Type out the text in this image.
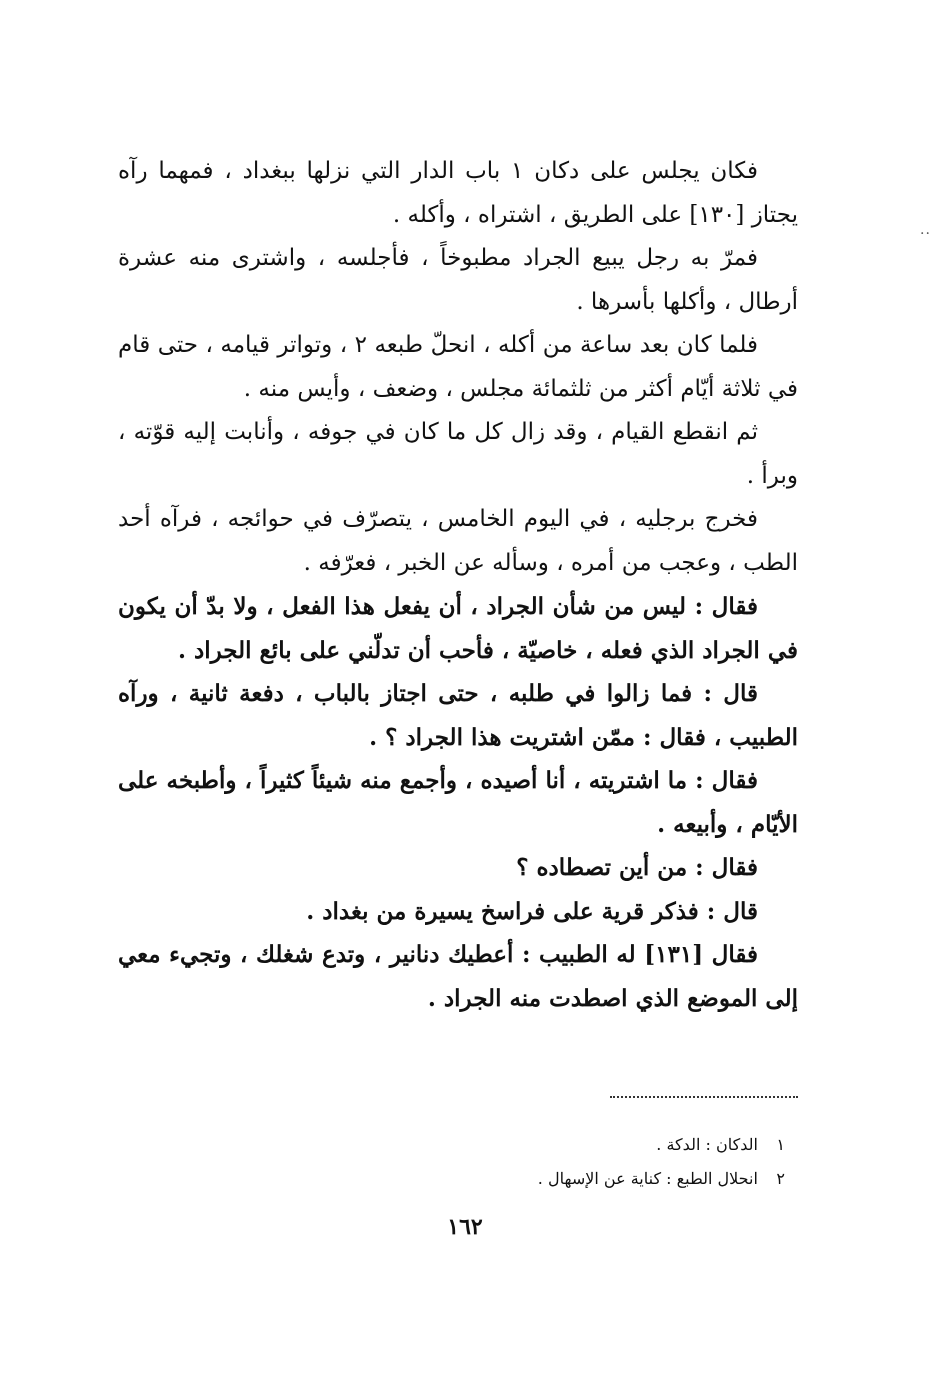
..

فكان يجلس على دكان ١ باب الدار التي نزلها ببغداد ، فمهما رآه يجتاز [١٣٠] على الطريق ، اشتراه ، وأكله .

فمرّ به رجل يبيع الجراد مطبوخاً ، فأجلسه ، واشترى منه عشرة أرطال ، وأكلها بأسرها .

فلما كان بعد ساعة من أكله ، انحلّ طبعه ٢ ، وتواتر قيامه ، حتى قام في ثلاثة أيّام أكثر من ثلثمائة مجلس ، وضعف ، وأيس منه .

ثم انقطع القيام ، وقد زال كل ما كان في جوفه ، وأنابت إليه قوّته ، وبرأ .

فخرج برجليه ، في اليوم الخامس ، يتصرّف في حوائجه ، فرآه أحد الطب ، وعجب من أمره ، وسأله عن الخبر ، فعرّفه .

فقال : ليس من شأن الجراد ، أن يفعل هذا الفعل ، ولا بدّ أن يكون في الجراد الذي فعله ، خاصيّة ، فأحب أن تدلّني على بائع الجراد .

قال : فما زالوا في طلبه ، حتى اجتاز بالباب ، دفعة ثانية ، ورآه الطبيب ، فقال : ممّن اشتريت هذا الجراد ؟ .

فقال : ما اشتريته ، أنا أصيده ، وأجمع منه شيئاً كثيراً ، وأطبخه على الأيّام ، وأبيعه .

فقال : من أين تصطاده ؟

قال : فذكر قرية على فراسخ يسيرة من بغداد .

فقال [١٣١] له الطبيب : أعطيك دنانير ، وتدع شغلك ، وتجيء معي إلى الموضع الذي اصطدت منه الجراد .

١ الدكان : الدكة .

٢ انحلال الطبع : كناية عن الإسهال .

١٦٢
